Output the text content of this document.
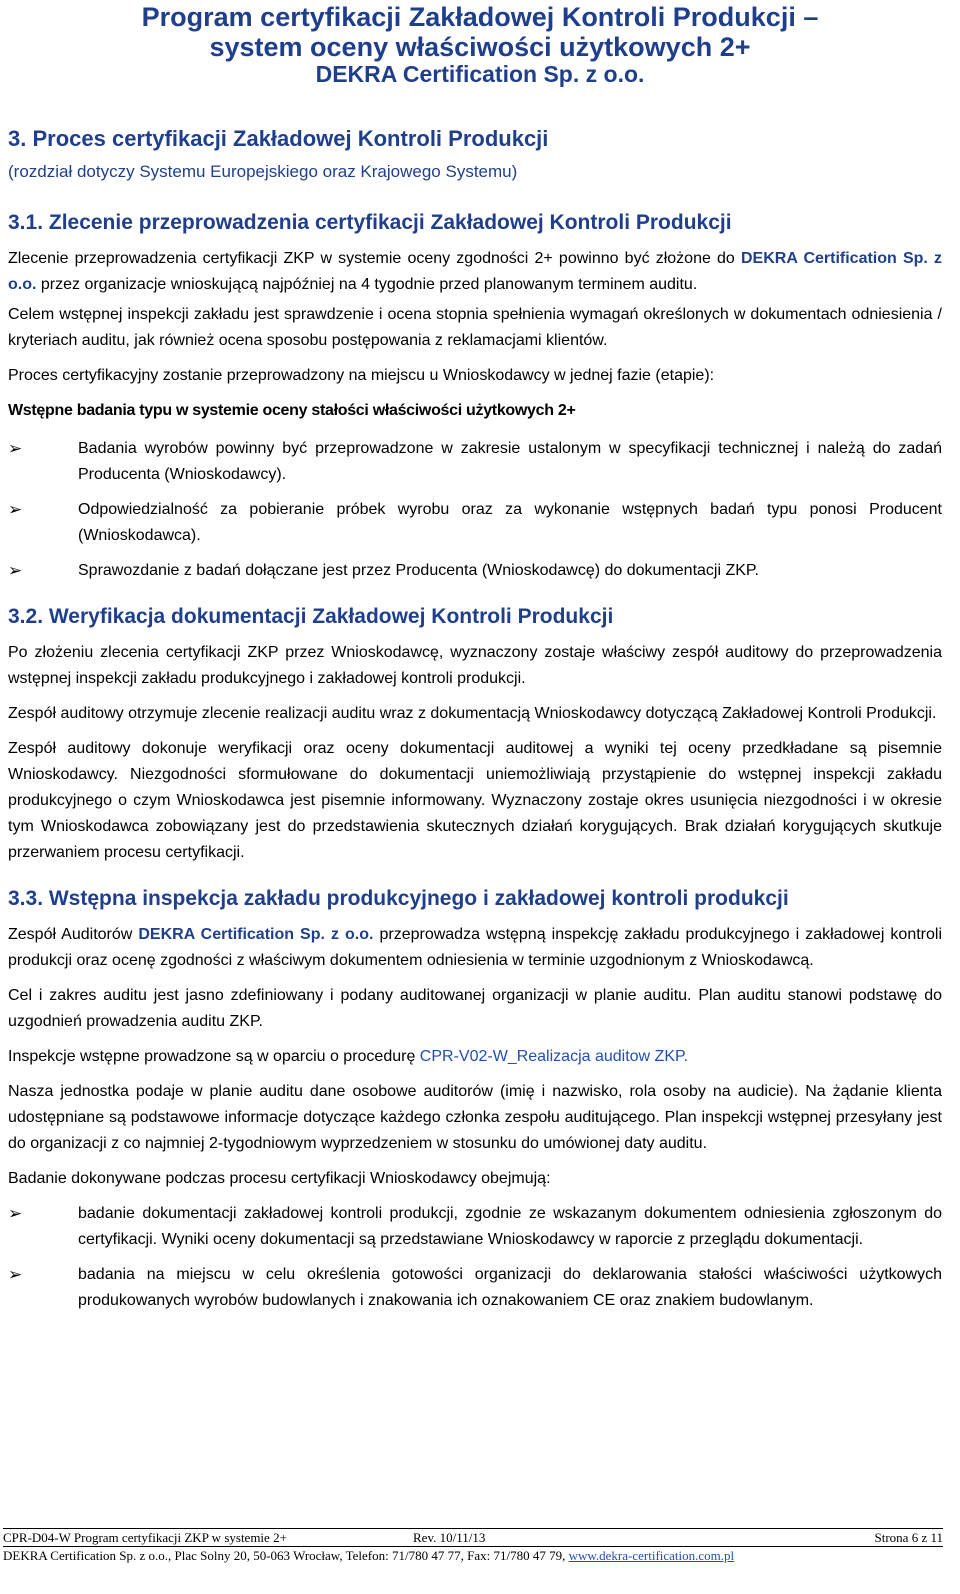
Program certyfikacji Zakładowej Kontroli Produkcji –
system oceny właściwości użytkowych 2+
DEKRA Certification Sp. z o.o.
3. Proces certyfikacji Zakładowej Kontroli Produkcji
(rozdział dotyczy Systemu Europejskiego oraz Krajowego Systemu)
3.1. Zlecenie przeprowadzenia certyfikacji Zakładowej Kontroli Produkcji

Zlecenie przeprowadzenia certyfikacji ZKP w systemie oceny zgodności 2+ powinno być złożone do DEKRA Certification Sp. z o.o. przez organizacje wnioskującą najpóźniej na 4 tygodnie przed planowanym terminem auditu.

Celem wstępnej inspekcji zakładu jest sprawdzenie i ocena stopnia spełnienia wymagań określonych w dokumentach odniesienia / kryteriach auditu, jak również ocena sposobu postępowania z reklamacjami klientów.

Proces certyfikacyjny zostanie przeprowadzony na miejscu u Wnioskodawcy w jednej fazie (etapie):

Wstępne badania typu w systemie oceny stałości właściwości użytkowych 2+
➢	Badania wyrobów powinny być przeprowadzone w zakresie ustalonym w specyfikacji technicznej i należą do zadań Producenta (Wnioskodawcy).
➢	Odpowiedzialność za pobieranie próbek wyrobu oraz za wykonanie wstępnych badań typu ponosi Producent (Wnioskodawca).
➢	Sprawozdanie z badań dołączane jest przez Producenta (Wnioskodawcę) do dokumentacji ZKP.
3.2. Weryfikacja dokumentacji Zakładowej Kontroli Produkcji

Po złożeniu zlecenia certyfikacji ZKP przez Wnioskodawcę, wyznaczony zostaje właściwy zespół auditowy do przeprowadzenia wstępnej inspekcji zakładu produkcyjnego i zakładowej kontroli produkcji.

Zespół auditowy otrzymuje zlecenie realizacji auditu wraz z dokumentacją Wnioskodawcy dotyczącą Zakładowej Kontroli Produkcji.

Zespół auditowy dokonuje weryfikacji oraz oceny dokumentacji auditowej a wyniki tej oceny przedkładane są pisemnie Wnioskodawcy. Niezgodności sformułowane do dokumentacji uniemożliwiają przystąpienie do wstępnej inspekcji zakładu produkcyjnego o czym Wnioskodawca jest pisemnie informowany. Wyznaczony zostaje okres usunięcia niezgodności i w okresie tym Wnioskodawca zobowiązany jest do przedstawienia skutecznych działań korygujących. Brak działań korygujących skutkuje przerwaniem procesu certyfikacji.

3.3. Wstępna inspekcja zakładu produkcyjnego i zakładowej kontroli produkcji

Zespół Auditorów DEKRA Certification Sp. z o.o. przeprowadza wstępną inspekcję zakładu produkcyjnego i zakładowej kontroli produkcji oraz ocenę zgodności z właściwym dokumentem odniesienia w terminie uzgodnionym z Wnioskodawcą.

Cel i zakres auditu jest jasno zdefiniowany i podany auditowanej organizacji w planie auditu. Plan auditu stanowi podstawę do uzgodnień prowadzenia auditu ZKP.

Inspekcje wstępne prowadzone są w oparciu o procedurę CPR-V02-W_Realizacja auditow ZKP.

Nasza jednostka podaje w planie auditu dane osobowe auditorów (imię i nazwisko, rola osoby na audicie). Na żądanie klienta udostępniane są podstawowe informacje dotyczące każdego członka zespołu auditującego. Plan inspekcji wstępnej przesyłany jest do organizacji z co najmniej 2-tygodniowym wyprzedzeniem w stosunku do umówionej daty auditu.

Badanie dokonywane podczas procesu certyfikacji Wnioskodawcy obejmują:

➢	badanie dokumentacji zakładowej kontroli produkcji, zgodnie ze wskazanym dokumentem odniesienia zgłoszonym do certyfikacji. Wyniki oceny dokumentacji są przedstawiane Wnioskodawcy w raporcie z przeglądu dokumentacji.
➢	badania na miejscu w celu określenia gotowości organizacji do deklarowania stałości właściwości użytkowych produkowanych wyrobów budowlanych i znakowania ich oznakowaniem CE oraz znakiem budowlanym.
CPR-D04-W Program certyfikacji ZKP w systemie 2+	Rev. 10/11/13	Strona 6 z 11
DEKRA Certification Sp. z o.o., Plac Solny 20, 50-063 Wrocław, Telefon: 71/780 47 77, Fax: 71/780 47 79, www.dekra-certification.com.pl
